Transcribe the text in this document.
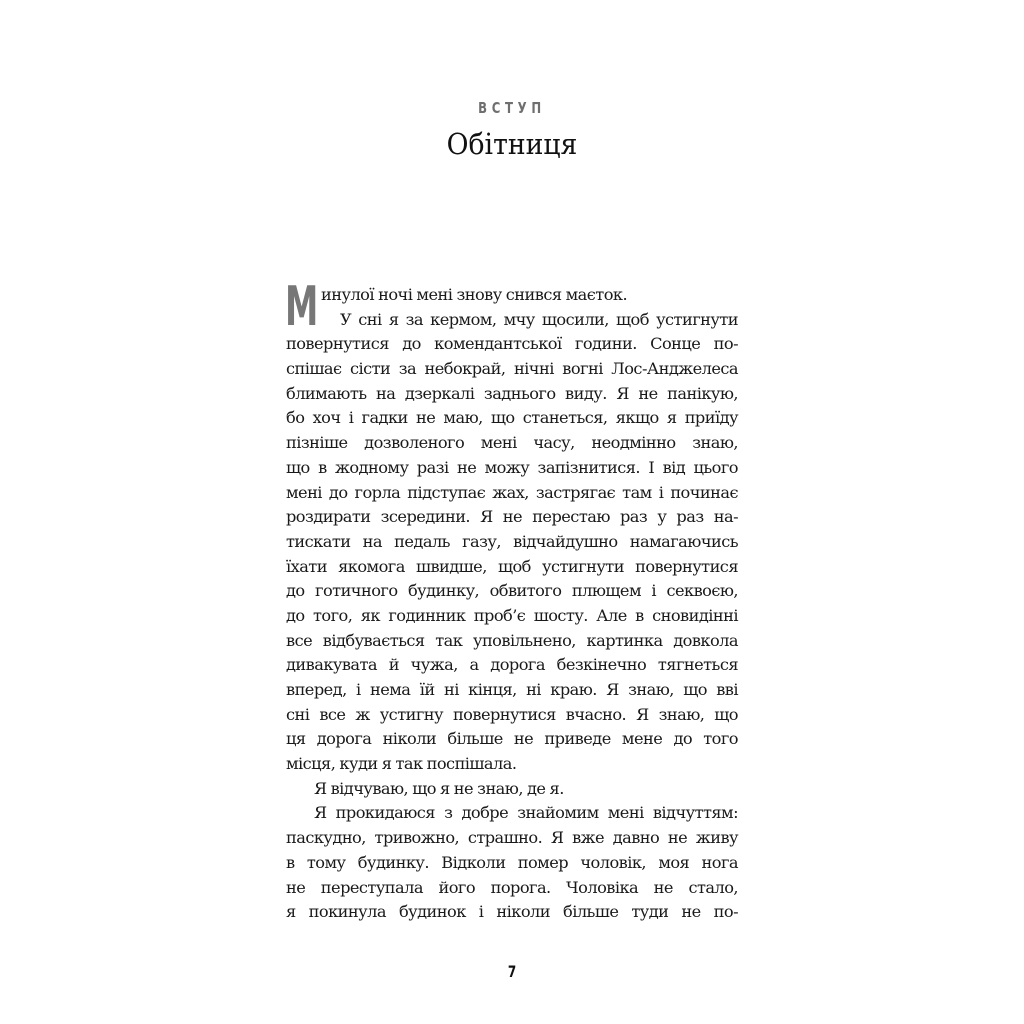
ВСТУП
Обітниця
М инулої ночі мені знову снився маєток.
У сні я за кермом, мчу щосили, щоб устигнути
повернутися до комендантської години. Сонце по-
спішає сісти за небокрай, нічні вогні Лос-Анджелеса
блимають на дзеркалі заднього виду. Я не панікую,
бо хоч і гадки не маю, що станеться, якщо я приїду
пізніше дозволеного мені часу, неодмінно знаю,
що в жодному разі не можу запізнитися. І від цього
мені до горла підступає жах, застрягає там і починає
роздирати зсередини. Я не перестаю раз у раз на-
тискати на педаль газу, відчайдушно намагаючись
їхати якомога швидше, щоб устигнути повернутися
до готичного будинку, обвитого плющем і секвоєю,
до того, як годинник проб’є шосту. Але в сновидінні
все відбувається так уповільнено, картинка довкола
дивакувата й чужа, а дорога безкінечно тягнеться
вперед, і нема їй ні кінця, ні краю. Я знаю, що вві
сні все ж устигну повернутися вчасно. Я знаю, що
ця дорога ніколи більше не приведе мене до того
місця, куди я так поспішала.
Я відчуваю, що я не знаю, де я.
Я прокидаюся з добре знайомим мені відчуттям:
паскудно, тривожно, страшно. Я вже давно не живу
в тому будинку. Відколи помер чоловік, моя нога
не переступала його порога. Чоловіка не стало,
я покинула будинок і ніколи більше туди не по-
7
